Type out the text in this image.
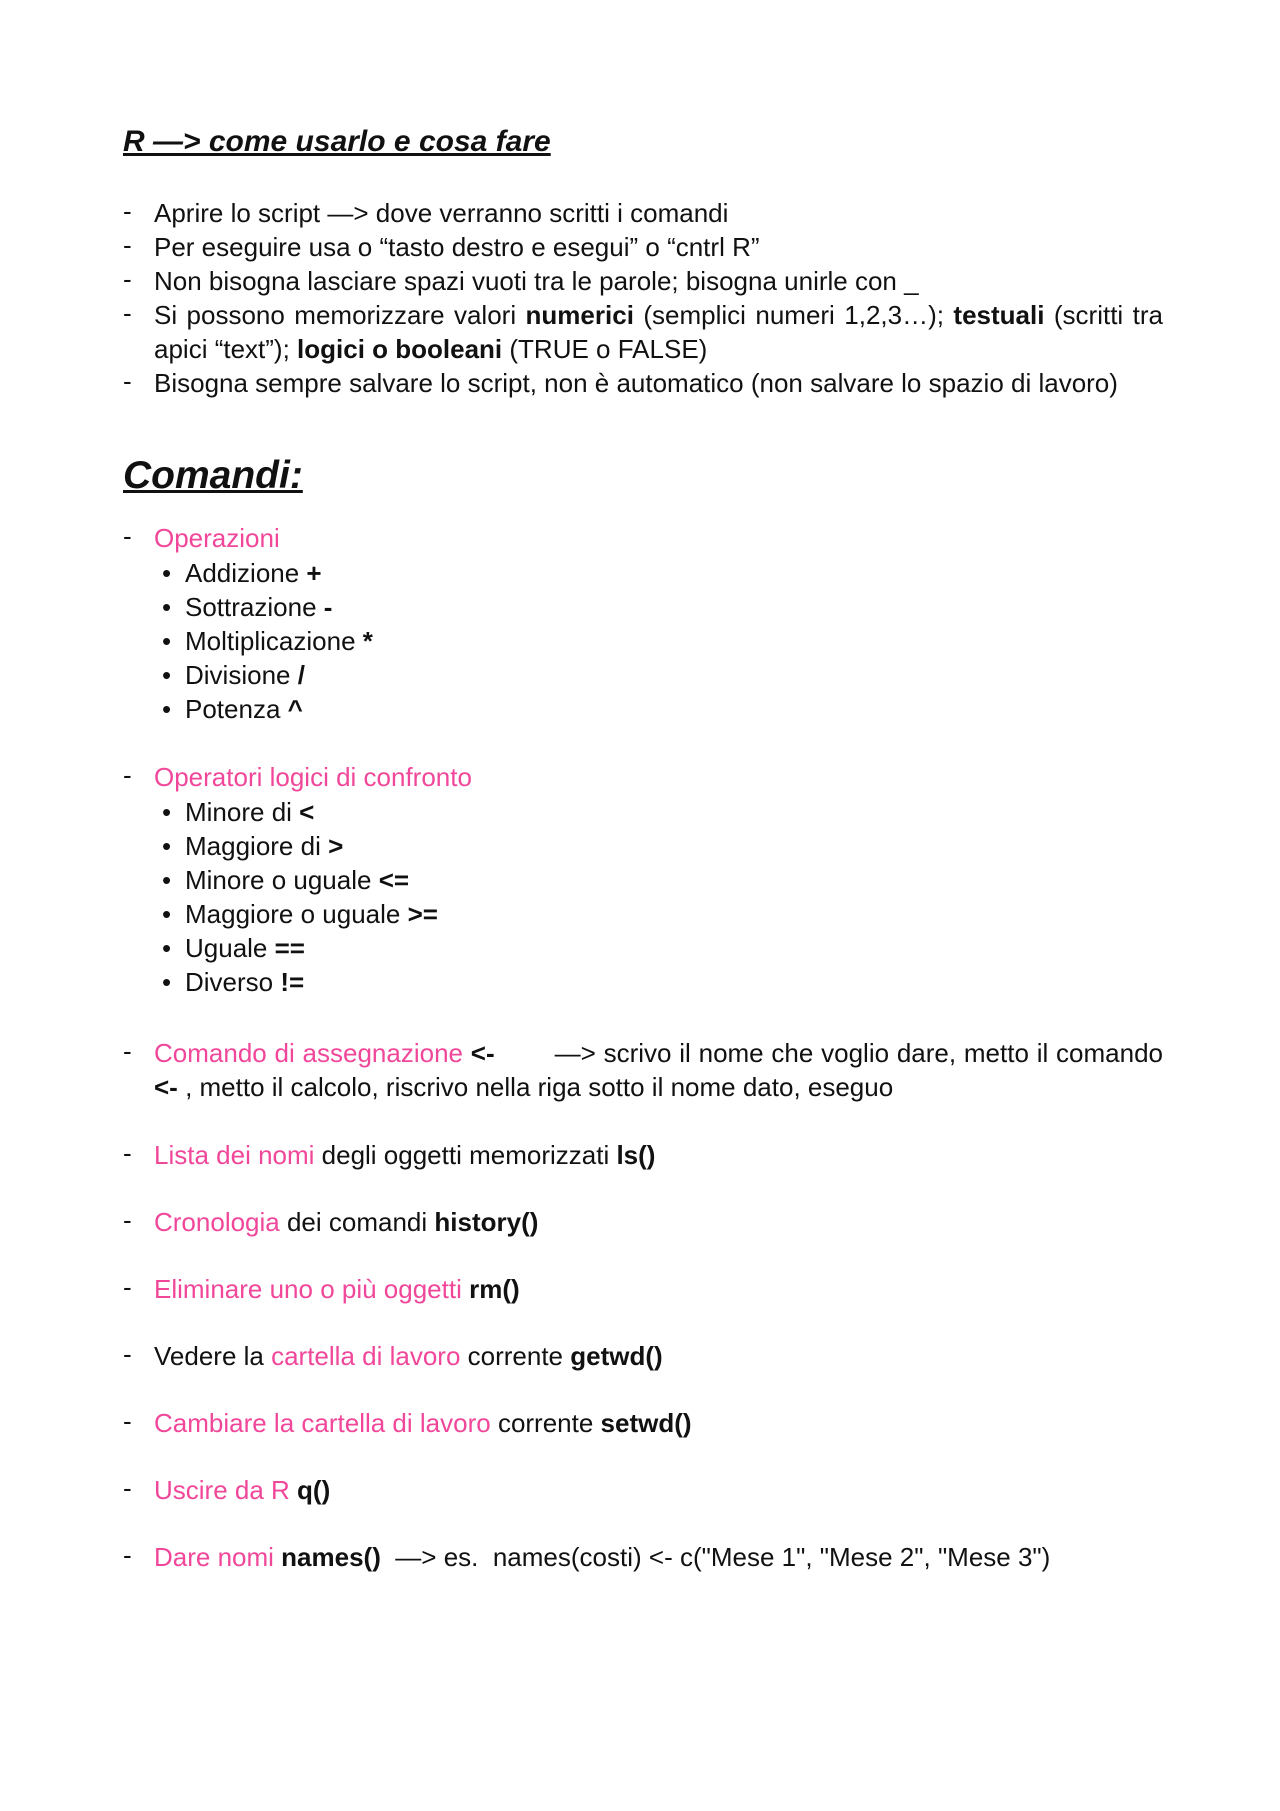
R —> come usarlo e cosa fare
- Aprire lo script —> dove verranno scritti i comandi
- Per eseguire usa o “tasto destro e esegui” o “cntrl R”
- Non bisogna lasciare spazi vuoti tra le parole; bisogna unirle con _
- Si possono memorizzare valori numerici (semplici numeri 1,2,3…); testuali (scritti tra apici “text”); logici o booleani (TRUE o FALSE)
- Bisogna sempre salvare lo script, non è automatico (non salvare lo spazio di lavoro)
Comandi:
- Operazioni
• Addizione +
• Sottrazione -
• Moltiplicazione *
• Divisione /
• Potenza ^
- Operatori logici di confronto
• Minore di <
• Maggiore di >
• Minore o uguale <=
• Maggiore o uguale >=
• Uguale ==
• Diverso !=
- Comando di assegnazione <- —> scrivo il nome che voglio dare, metto il comando <- , metto il calcolo, riscrivo nella riga sotto il nome dato, eseguo
- Lista dei nomi degli oggetti memorizzati ls()
- Cronologia dei comandi history()
- Eliminare uno o più oggetti rm()
- Vedere la cartella di lavoro corrente getwd()
- Cambiare la cartella di lavoro corrente setwd()
- Uscire da R q()
- Dare nomi names()  —> es.  names(costi) <- c("Mese 1", "Mese 2", "Mese 3")
